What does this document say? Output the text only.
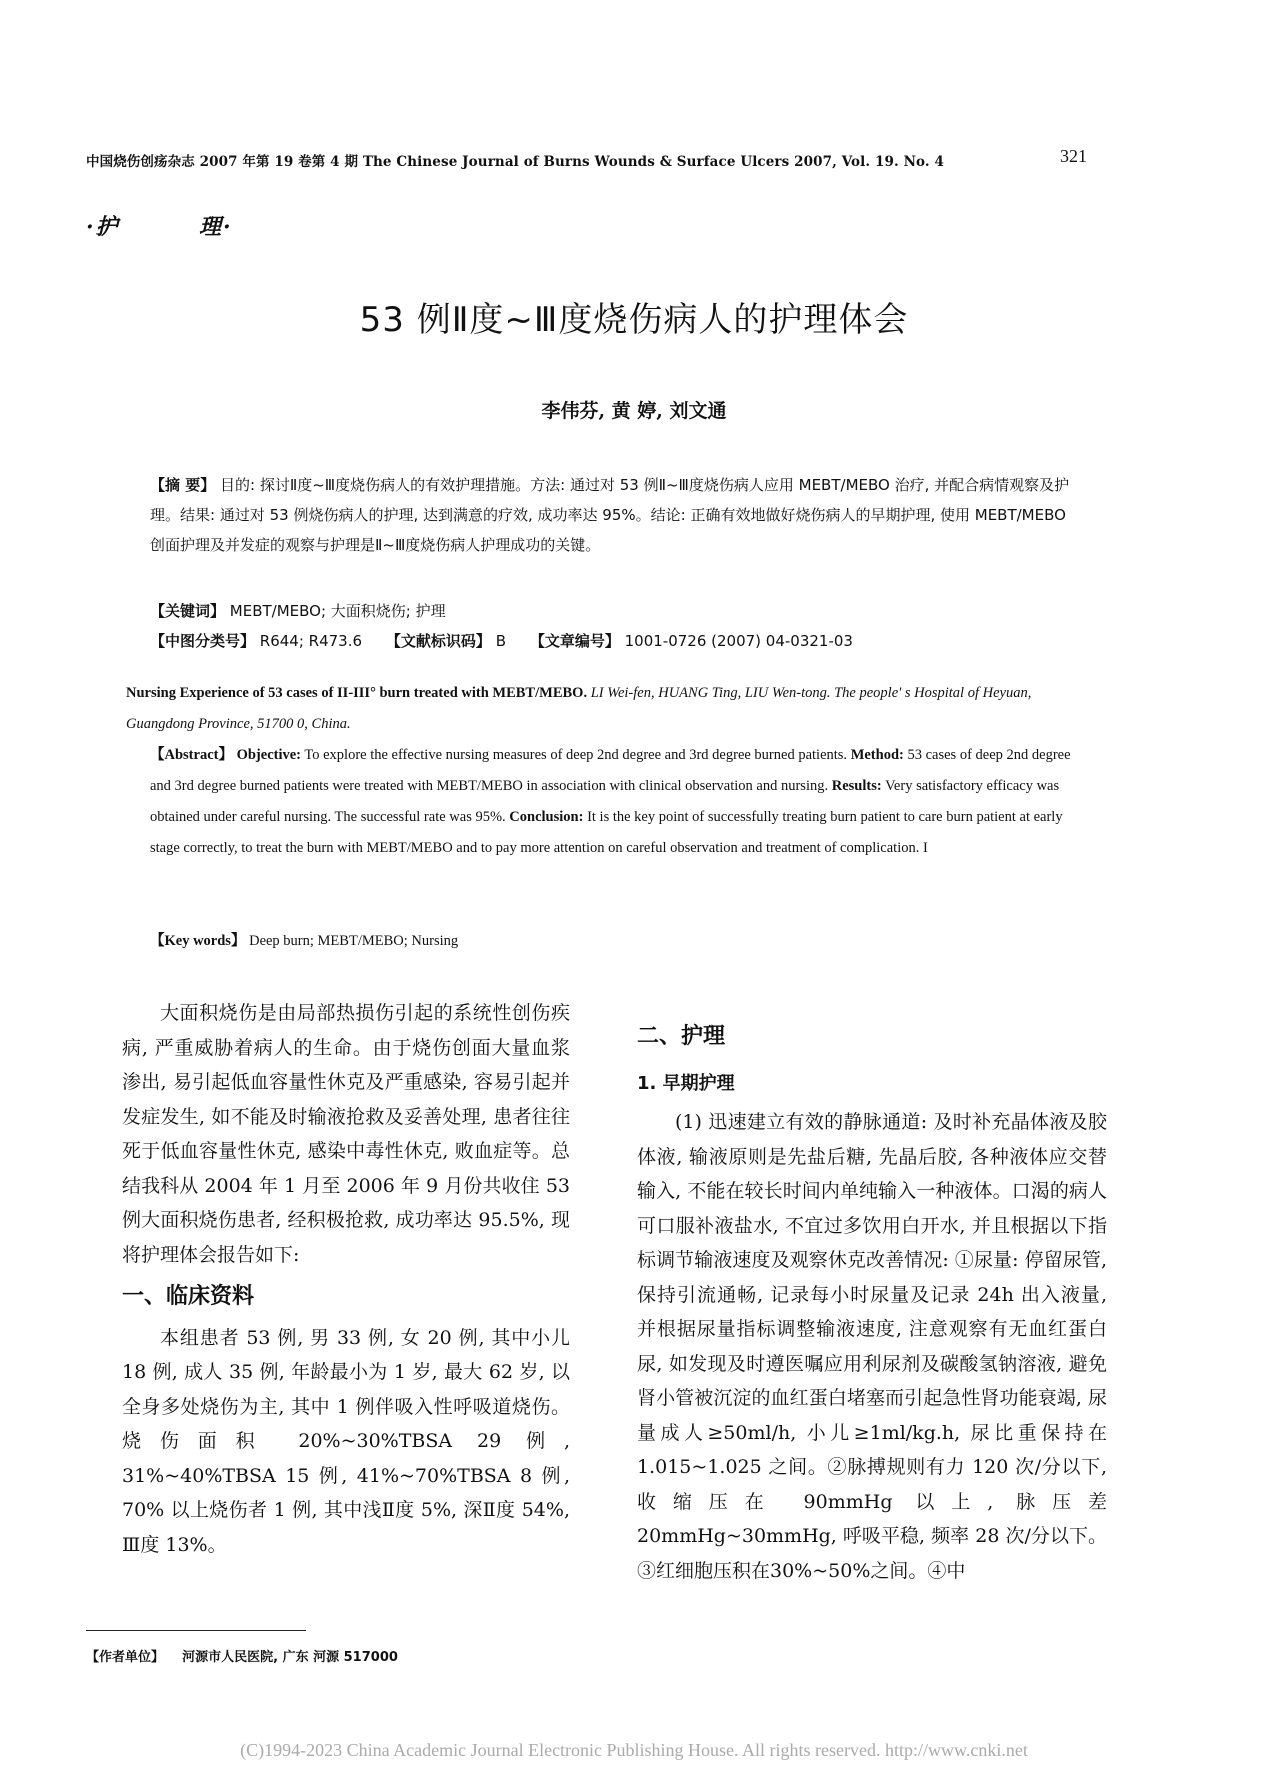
中国烧伤创疡杂志 2007 年第 19 卷第 4 期 The Chinese Journal of Burns Wounds & Surface Ulcers 2007, Vol. 19. No. 4	321
·护	理·
53 例Ⅱ度~Ⅲ度烧伤病人的护理体会
李伟芬, 黄 婷, 刘文通
【摘 要】 目的: 探讨Ⅱ度~Ⅲ度烧伤病人的有效护理措施。方法: 通过对 53 例Ⅱ~Ⅲ度烧伤病人应用 MEBT/MEBO 治疗, 并配合病情观察及护理。结果: 通过对 53 例烧伤病人的护理, 达到满意的疗效, 成功率达 95%。结论: 正确有效地做好烧伤病人的早期护理, 使用 MEBT/MEBO 创面护理及并发症的观察与护理是Ⅱ~Ⅲ度烧伤病人护理成功的关键。
【关键词】 MEBT/MEBO; 大面积烧伤; 护理
【中图分类号】 R644; R473.6 【文献标识码】 B 【文章编号】 1001-0726 (2007) 04-0321-03
Nursing Experience of 53 cases of II-III° burn treated with MEBT/MEBO. LI Wei-fen, HUANG Ting, LIU Wen-tong. The people' s Hospital of Heyuan, Guangdong Province, 51700 0, China.
【Abstract】 Objective: To explore the effective nursing measures of deep 2nd degree and 3rd degree burned patients. Method: 53 cases of deep 2nd degree and 3rd degree burned patients were treated with MEBT/MEBO in association with clinical observation and nursing. Results: Very satisfactory efficacy was obtained under careful nursing. The successful rate was 95%. Conclusion: It is the key point of successfully treating burn patient to care burn patient at early stage correctly, to treat the burn with MEBT/MEBO and to pay more attention on careful observation and treatment of complication. I
【Key words】 Deep burn; MEBT/MEBO; Nursing

大面积烧伤是由局部热损伤引起的系统性创伤疾病, 严重威胁着病人的生命。由于烧伤创面大量血浆渗出, 易引起低血容量性休克及严重感染, 容易引起并发症发生, 如不能及时输液抢救及妥善处理, 患者往往死于低血容量性休克, 感染中毒性休克, 败血症等。总结我科从 2004 年 1 月至 2006 年 9 月份共收住 53 例大面积烧伤患者, 经积极抢救, 成功率达 95.5%, 现将护理体会报告如下:

一、临床资料

本组患者 53 例, 男 33 例, 女 20 例, 其中小儿 18 例, 成人 35 例, 年龄最小为 1 岁, 最大 62 岁, 以全身多处烧伤为主, 其中 1 例伴吸入性呼吸道烧伤。烧伤面积 20%~30%TBSA 29 例, 31%~40%TBSA 15 例, 41%~70%TBSA 8 例, 70% 以上烧伤者 1 例, 其中浅Ⅱ度 5%, 深Ⅱ度 54%, Ⅲ度 13%。

二、护理
1. 早期护理

(1) 迅速建立有效的静脉通道: 及时补充晶体液及胶体液, 输液原则是先盐后糖, 先晶后胶, 各种液体应交替输入, 不能在较长时间内单纯输入一种液体。口渴的病人可口服补液盐水, 不宜过多饮用白开水, 并且根据以下指标调节输液速度及观察休克改善情况: ①尿量: 停留尿管, 保持引流通畅, 记录每小时尿量及记录 24h 出入液量, 并根据尿量指标调整输液速度, 注意观察有无血红蛋白尿, 如发现及时遵医嘱应用利尿剂及碳酸氢钠溶液, 避免肾小管被沉淀的血红蛋白堵塞而引起急性肾功能衰竭, 尿量成人≥50ml/h, 小儿≥1ml/kg.h, 尿比重保持在 1.015~1.025 之间。②脉搏规则有力 120 次/分以下, 收缩压在 90mmHg 以上, 脉压差 20mmHg~30mmHg, 呼吸平稳, 频率 28 次/分以下。③红细胞压积在30%~50%之间。④中

【作者单位】 河源市人民医院, 广东 河源 517000
(C)1994-2023 China Academic Journal Electronic Publishing House. All rights reserved. http://www.cnki.net
